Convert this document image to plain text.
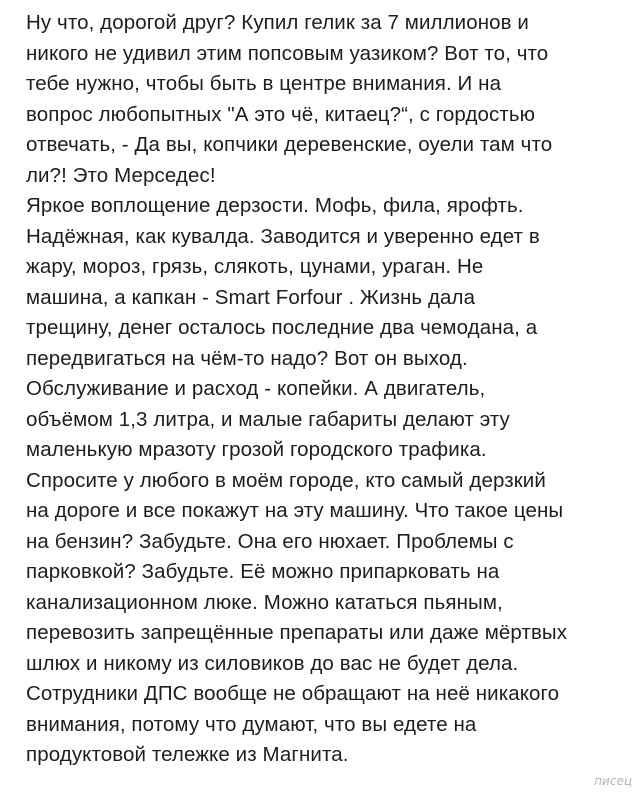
Ну что, дорогой друг? Купил гелик за 7 миллионов и
никого не удивил этим попсовым уазиком? Вот то, что
тебе нужно, чтобы быть в центре внимания. И на
вопрос любопытных "А это чё, китаец?“, с гордостью
отвечать, - Да вы, копчики деревенские, оуели там что
ли?! Это Мерседес!
Яркое воплощение дерзости. Мофь, фила, ярофть.
Надёжная, как кувалда. Заводится и уверенно едет в
жару, мороз, грязь, слякоть, цунами, ураган. Не
машина, а капкан - Smart Forfour . Жизнь дала
трещину, денег осталось последние два чемодана, а
передвигаться на чём-то надо? Вот он выход.
Обслуживание и расход - копейки. А двигатель,
объёмом 1,3 литра, и малые габариты делают эту
маленькую мразоту грозой городского трафика.
Спросите у любого в моём городе, кто самый дерзкий
на дороге и все покажут на эту машину. Что такое цены
на бензин? Забудьте. Она его нюхает. Проблемы с
парковкой? Забудьте. Её можно припарковать на
канализационном люке. Можно кататься пьяным,
перевозить запрещённые препараты или даже мёртвых
шлюх и никому из силовиков до вас не будет дела.
Сотрудники ДПС вообще не обращают на неё никакого
внимания, потому что думают, что вы едете на
продуктовой тележке из Магнита.
писец
